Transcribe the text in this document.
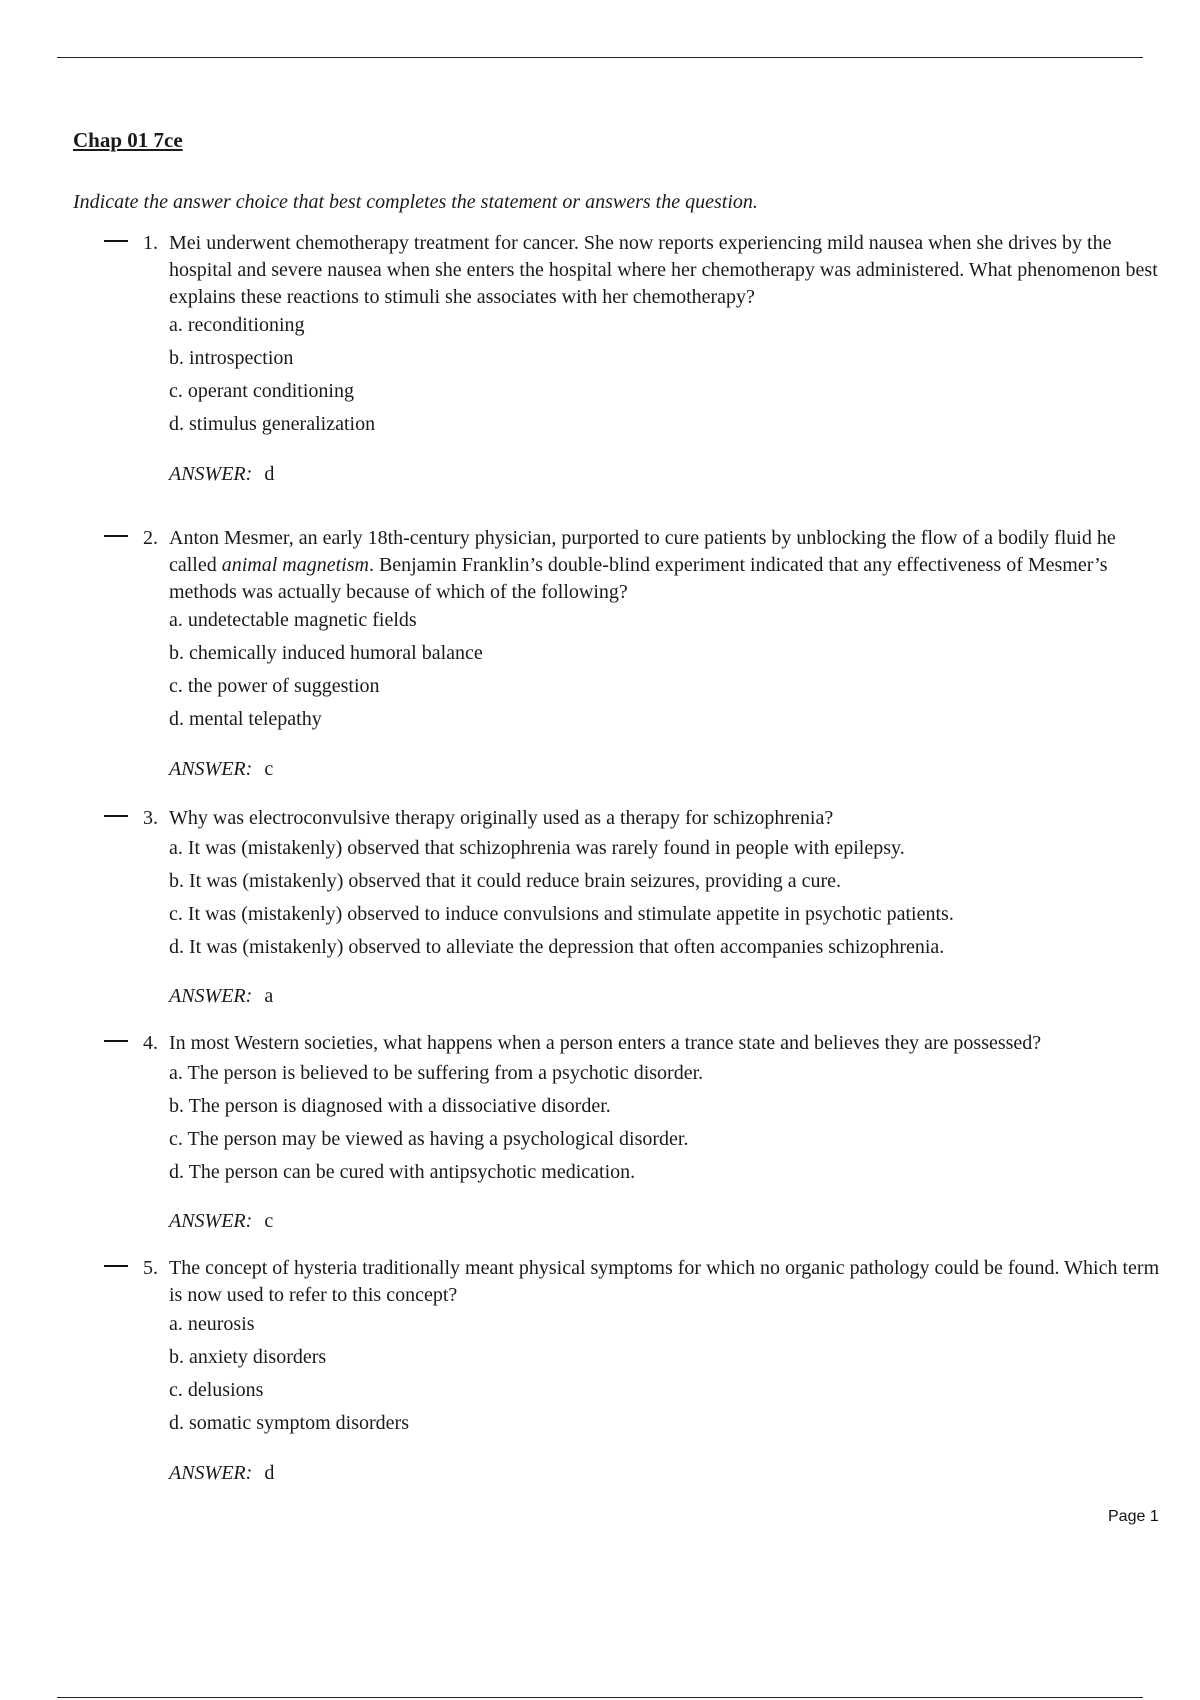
Chap 01 7ce

Indicate the answer choice that best completes the statement or answers the question.

1. Mei underwent chemotherapy treatment for cancer. She now reports experiencing mild nausea when she drives by the hospital and severe nausea when she enters the hospital where her chemotherapy was administered. What phenomenon best explains these reactions to stimuli she associates with her chemotherapy?

a. reconditioning
b. introspection
c. operant conditioning
d. stimulus generalization
ANSWER: d
2. Anton Mesmer, an early 18th-century physician, purported to cure patients by unblocking the flow of a bodily fluid he called animal magnetism. Benjamin Franklin’s double-blind experiment indicated that any effectiveness of Mesmer’s methods was actually because of which of the following?

a. undetectable magnetic fields
b. chemically induced humoral balance
c. the power of suggestion
d. mental telepathy
ANSWER: c
3. Why was electroconvulsive therapy originally used as a therapy for schizophrenia?

a. It was (mistakenly) observed that schizophrenia was rarely found in people with epilepsy.
b. It was (mistakenly) observed that it could reduce brain seizures, providing a cure.
c. It was (mistakenly) observed to induce convulsions and stimulate appetite in psychotic patients.
d. It was (mistakenly) observed to alleviate the depression that often accompanies schizophrenia.
ANSWER: a
4. In most Western societies, what happens when a person enters a trance state and believes they are possessed?

a. The person is believed to be suffering from a psychotic disorder.
b. The person is diagnosed with a dissociative disorder.
c. The person may be viewed as having a psychological disorder.
d. The person can be cured with antipsychotic medication.
ANSWER: c
5. The concept of hysteria traditionally meant physical symptoms for which no organic pathology could be found. Which term is now used to refer to this concept?

a. neurosis
b. anxiety disorders
c. delusions
d. somatic symptom disorders
ANSWER: d
Page 1
